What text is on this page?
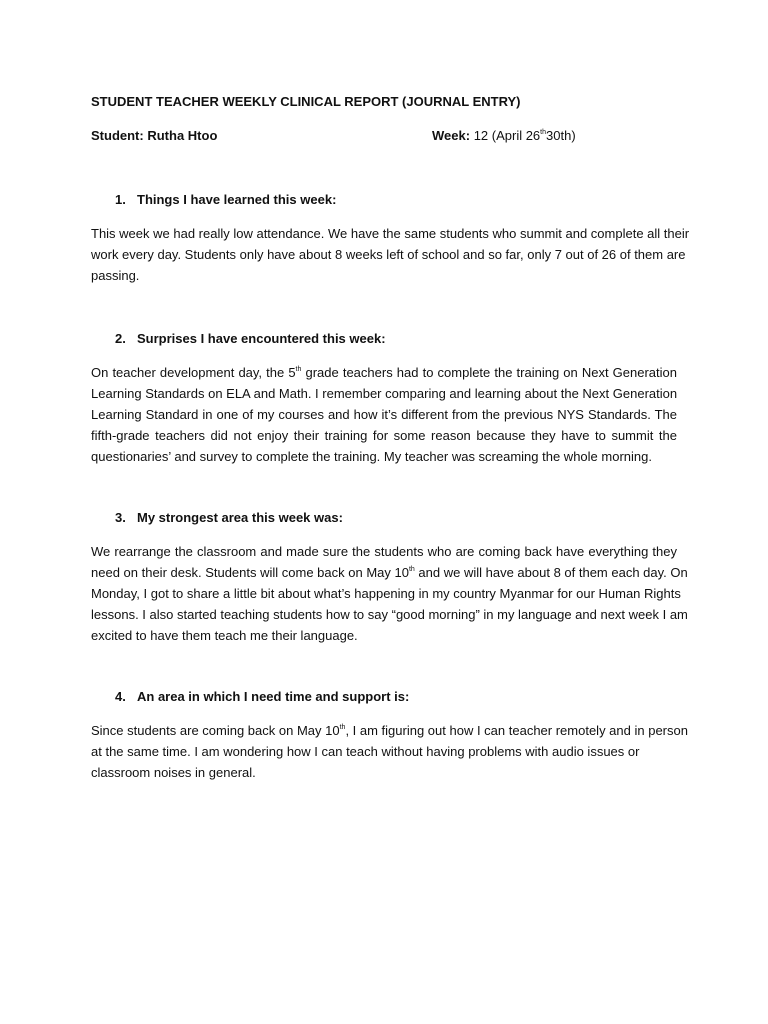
STUDENT TEACHER WEEKLY CLINICAL REPORT (JOURNAL ENTRY)
Student: Rutha Htoo	Week: 12 (April 26th30th)
1. Things I have learned this week:
This week we had really low attendance. We have the same students who summit and complete all their
work every day. Students only have about 8 weeks left of school and so far, only 7 out of 26 of them are
passing.
2. Surprises I have encountered this week:
On teacher development day, the 5th grade teachers had to complete the training on Next Generation
Learning Standards on ELA and Math. I remember comparing and learning about the Next Generation
Learning Standard in one of my courses and how it’s different from the previous NYS Standards. The
fifth-grade teachers did not enjoy their training for some reason because they have to summit the
questionaries’ and survey to complete the training. My teacher was screaming the whole morning.
3. My strongest area this week was:
We rearrange the classroom and made sure the students who are coming back have everything they
need on their desk. Students will come back on May 10th and we will have about 8 of them each day. On
Monday, I got to share a little bit about what’s happening in my country Myanmar for our Human Rights
lessons. I also started teaching students how to say “good morning” in my language and next week I am
excited to have them teach me their language.
4. An area in which I need time and support is:
Since students are coming back on May 10th, I am figuring out how I can teacher remotely and in person
at the same time. I am wondering how I can teach without having problems with audio issues or
classroom noises in general.
